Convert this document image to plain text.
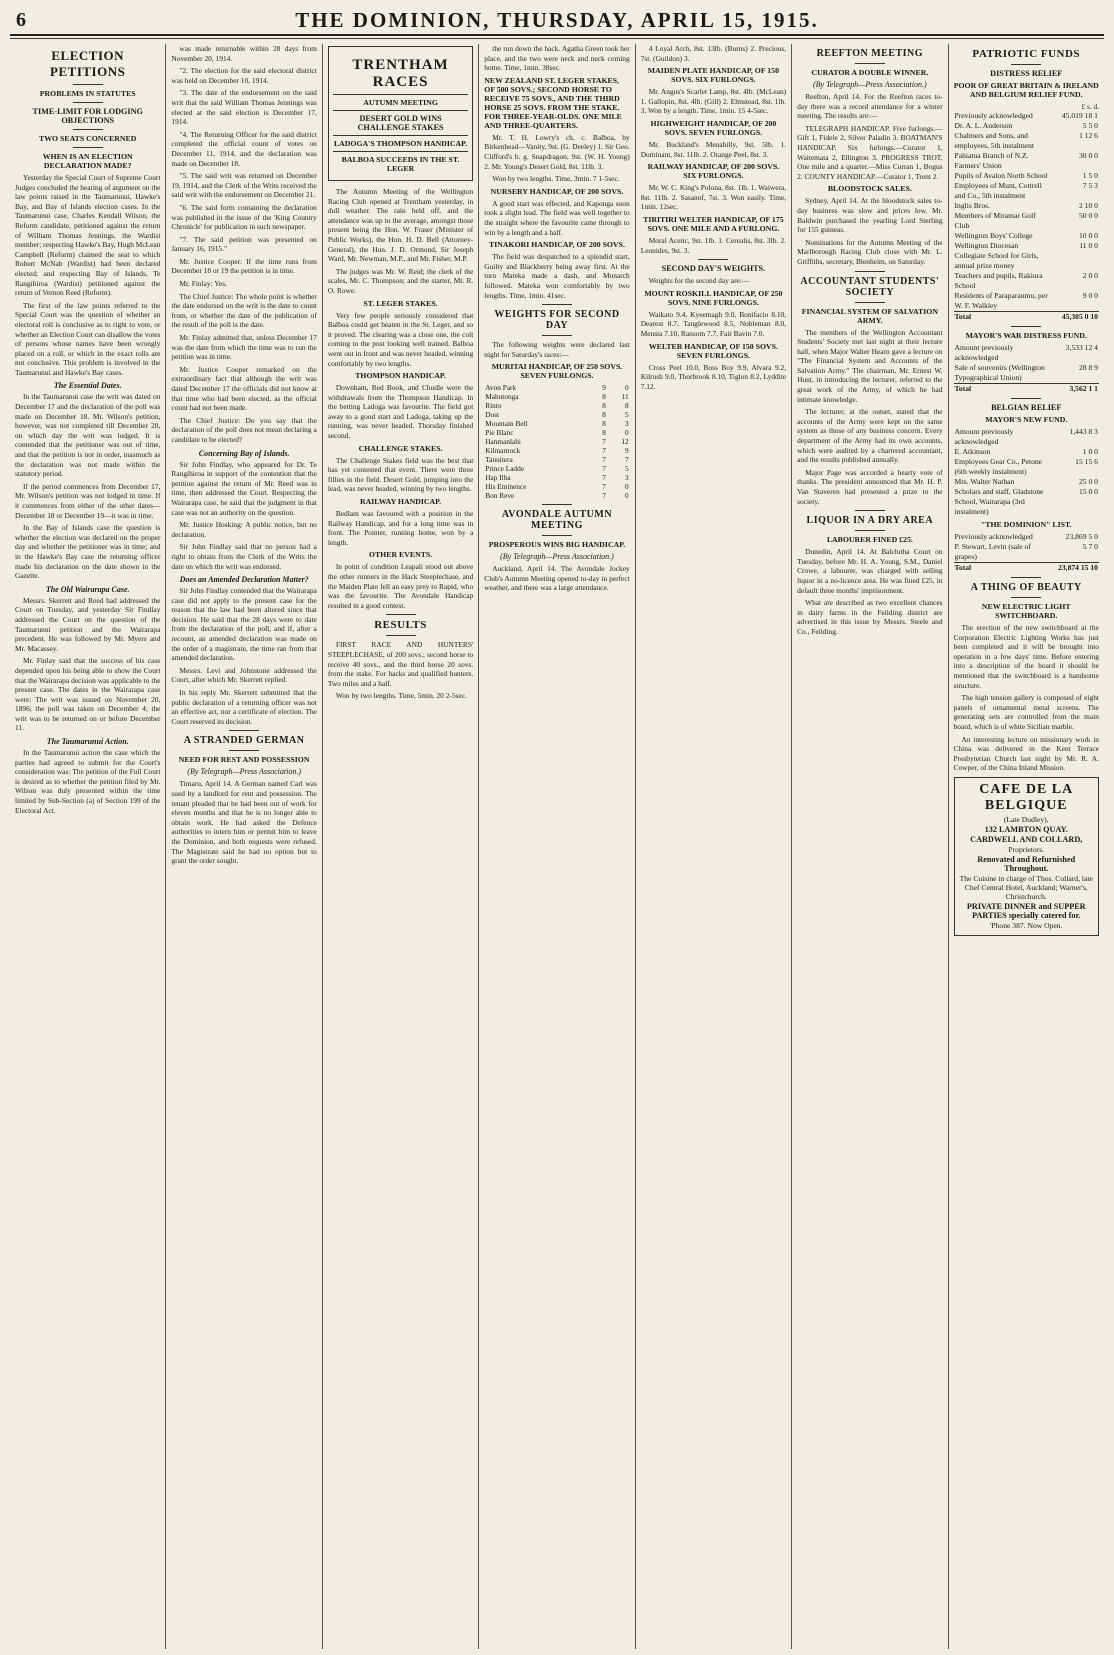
6	THE DOMINION, THURSDAY, APRIL 15, 1915.
ELECTION PETITIONS
PROBLEMS IN STATUTES
TIME-LIMIT FOR LODGING OBJECTIONS
TWO SEATS CONCERNED
WHEN IS AN ELECTION DECLARATION MADE?

Yesterday the Special Court of Supreme Court Judges concluded the hearing of argument on the law points raised in the Taumarunui, Hawke's Bay, and Bay of Islands election cases. In the Taumarunui case, Charles Kendall Wilson, the Reform candidate, petitioned against the return of William Thomas Jennings, the Wardist member; respecting Hawke's Bay, Hugh McLean Campbell (Reform) claimed the seat to which Robert McNab (Wardist) had been declared elected; and respecting Bay of Islands, Te Rangihiroa (Wardist) petitioned against the return of Vernon Reed (Reform).

The first of the law points referred to the Special Court was the question of whether an electoral roll is conclusive as to right to vote, or whether an Election Court can disallow the votes of persons whose names have been wrongly placed on a roll, or which in the exact rolls are not conclusive. This problem is involved in the Taumarunui and Hawke's Bay cases.

The Essential Dates.

In the Taumarunui case the writ was dated on December 17 and the declaration of the poll was made on December 18. Mr. Wilson's petition, however, was not completed till December 28, on which day the writ was lodged. It is contended that the petitioner was out of time, and that the petition is not in order, inasmuch as the declaration was not made within the statutory period.

If the period commences from December 17, Mr. Wilson's petition was not lodged in time. If it commences from either of the other dates—December 18 or December 19—it was in time.

In the Bay of Islands case the question is whether the election was declared on the proper day and whether the petitioner was in time; and in the Hawke's Bay case the returning officer made his declaration on the date shown in the Gazette.

The Old Wairarapa Case.

Messrs. Skerrett and Reed had addressed the Court on Tuesday, and yesterday Sir Findlay addressed the Court on the question of the Taumarunui petition and the Wairarapa precedent. He was followed by Mr. Myers and Mr. Macassey.

Mr. Finlay said that the success of his case depended upon his being able to show the Court that the Wairarapa decision was applicable to the present case. The dates in the Wairarapa case were: The writ was issued on November 20, 1896; the poll was taken on December 4; the writ was to be returned on or before December 11.

The Taumarunui Action.

In the Taumarunui action the case which the parties had agreed to submit for the Court's consideration was: The petition of the Full Court is desired as to whether the petition filed by Mr. Wilson was duly presented within the time limited by Sub-Section (a) of Section 199 of the Electoral Act.

was made returnable within 28 days from November 20, 1914.

"2. The election for the said electoral district was held on December 10, 1914.

"3. The date of the endorsement on the said writ that the said William Thomas Jennings was elected at the said election is December 17, 1914.

"4. The Returning Officer for the said district completed the official count of votes on December 11, 1914, and the declaration was made on December 18.

"5. The said writ was returned on December 19, 1914, and the Clerk of the Writs received the said writ with the endorsement on December 21.

"6. The said form containing the declaration was published in the issue of the 'King Country Chronicle' for publication in such newspaper.

"7. The said petition was presented on January 16, 1915."

Mr. Justice Cooper: If the time runs from December 18 or 19 the petition is in time.

Mr. Finlay: Yes.

The Chief Justice: The whole point is whether the date endorsed on the writ is the date to count from, or whether the date of the publication of the result of the poll is the date.

Mr. Finlay admitted that, unless December 17 was the date from which the time was to run the petition was in time.

Mr. Justice Cooper remarked on the extraordinary fact that although the writ was dated December 17 the officials did not know at that time who had been elected, as the official count had not been made.

The Chief Justice: Do you say that the declaration of the poll does not mean declaring a candidate to be elected?

Concerning Bay of Islands.

Sir John Findlay, who appeared for Dr. Te Rangihiroa in support of the contention that the petition against the return of Mr. Reed was in time, then addressed the Court. Respecting the Wairarapa case, he said that the judgment in that case was not an authority on the question.

Mr. Justice Hosking: A public notice, but no declaration.

Sir John Findlay said that no person had a right to obtain from the Clerk of the Writs the date on which the writ was endorsed.

Does an Amended Declaration Matter?

Sir John Findlay contended that the Wairarapa case did not apply to the present case for the reason that the law had been altered since that decision. He said that the 28 days were to date from the declaration of the poll, and if, after a recount, an amended declaration was made on the order of a magistrate, the time ran from that amended declaration.

Messrs. Levi and Johnstone addressed the Court, after which Mr. Skerrett replied.

In his reply Mr. Skerrett submitted that the public declaration of a returning officer was not an effective act, nor a certificate of election. The Court reserved its decision.

A STRANDED GERMAN
NEED FOR REST AND POSSESSION
(By Telegraph—Press Association.)

Timaru, April 14. A German named Carl was sued by a landlord for rent and possession. The tenant pleaded that he had been out of work for eleven months and that he is no longer able to obtain work. He had asked the Defence authorities to intern him or permit him to leave the Dominion, and both requests were refused. The Magistrate said he had no option but to grant the order sought.

TRENTHAM RACES
AUTUMN MEETING
DESERT GOLD WINS CHALLENGE STAKES
LADOGA'S THOMPSON HANDICAP.
BALBOA SUCCEEDS IN THE ST. LEGER

The Autumn Meeting of the Wellington Racing Club opened at Trentham yesterday, in dull weather. The rain held off, and the attendance was up to the average, amongst those present being the Hon. W. Fraser (Minister of Public Works), the Hon. H. D. Bell (Attorney-General), the Hon. J. D. Ormond, Sir Joseph Ward, Mr. Newman, M.P., and Mr. Fisher, M.P.

The judges was Mr. W. Reid; the clerk of the scales, Mr. C. Thompson; and the starter, Mr. R. O. Rowe.

ST. LEGER STAKES.

Very few people seriously considered that Balboa could get beaten in the St. Leger, and so it proved. The clearing was a close one, the colt coming to the post looking well trained. Balboa went out in front and was never headed, winning comfortably by two lengths.

THOMPSON HANDICAP.

Downham, Red Book, and Chudle were the withdrawals from the Thompson Handicap. In the betting Ladoga was favourite. The field got away to a good start and Ladoga, taking up the running, was never headed. Thorsday finished second.

CHALLENGE STAKES.

The Challenge Stakes field was the best that has yet contested that event. There were three fillies in the field. Desert Gold, jumping into the lead, was never headed, winning by two lengths.

RAILWAY HANDICAP.

Bedlam was favoured with a position in the Railway Handicap, and for a long time was in front. The Pointer, running home, won by a length.

OTHER EVENTS.

In point of condition Leapali stood out above the other runners in the Hack Steeplechase, and the Maiden Plate fell an easy prey to Rapid, who was the favourite. The Avondale Handicap resulted in a good contest.

RESULTS

FIRST RACE AND HUNTERS' STEEPLECHASE, of 200 sovs.; second horse to receive 40 sovs., and the third horse 20 sovs. from the stake. For hacks and qualified hunters. Two miles and a half.

Won by two lengths. Time, 5min. 20 2-5sec.

the run down the back. Agatha Green took her place, and the two were neck and neck coming home. Time, 1min. 38sec.

NEW ZEALAND ST. LEGER STAKES, OF 500 SOVS.; SECOND HORSE TO RECEIVE 75 SOVS., AND THE THIRD HORSE 25 SOVS. FROM THE STAKE. FOR THREE-YEAR-OLDS. ONE MILE AND THREE-QUARTERS.

Mr. T. H. Lowry's ch. c. Balboa, by Birkenhead—Vanity, 9st. (G. Deeley) 1. Sir Geo. Clifford's b. g. Snapdragon, 9st. (W. H. Young) 2. Mr. Young's Desert Gold, 8st. 11lb. 3.

Won by two lengths. Time, 3min. 7 1-5sec.

NURSERY HANDICAP, OF 200 SOVS.

A good start was effected, and Kaponga soon took a slight lead. The field was well together to the straight where the favourite came through to win by a length and a half.

TINAKORI HANDICAP, OF 200 SOVS.

The field was despatched to a splendid start, Guilty and Blackberry being away first. At the turn Mateka made a dash, and Monarch followed. Mateka won comfortably by two lengths. Time, 1min. 41sec.

WEIGHTS FOR SECOND DAY

The following weights were declared last night for Saturday's races:—

MURITAI HANDICAP, OF 250 SOVS. SEVEN FURLONGS.
Avon Park	9	0
Mahutonga	8	11
Rinto	8	8
Dost	8	5
Mountain Bell	8	3
Pie Blanc	8	0
Hanmanlahi	7	12
Kilmarnock	7	9
Tanuitera	7	7
Prince Ladde	7	5
Hap Ilba	7	3
His Eminence	7	0
Bon Reve	7	0
AVONDALE AUTUMN MEETING
PROSPEROUS WINS BIG HANDICAP.
(By Telegraph—Press Association.)

Auckland, April 14. The Avondale Jockey Club's Autumn Meeting opened to-day in perfect weather, and there was a large attendance.

4 Loyal Arch, 8st. 13lb. (Burns) 2. Precious, 7st. (Guildon) 3.

MAIDEN PLATE HANDICAP, OF 150 SOVS. SIX FURLONGS.

Mr. Angus's Scarlet Lamp, 8st. 4lb. (McLean) 1. Gallopin, 8st. 4lb. (Gill) 2. Elmstead, 8st. 1lb. 3. Won by a length. Time, 1min. 15 4-5sec.

HIGHWEIGHT HANDICAP, OF 200 SOVS. SEVEN FURLONGS.

Mr. Buckland's Menabilly, 9st. 5lb. 1. Dominant, 8st. 11lb. 2. Orange Peel, 8st. 3.

RAILWAY HANDICAP, OF 200 SOVS. SIX FURLONGS.

Mr. W. C. King's Polona, 8st. 1lb. 1. Waiwera, 8st. 11lb. 2. Sasanof, 7st. 3. Won easily. Time, 1min. 12sec.

TIRITIRI WELTER HANDICAP, OF 175 SOVS. ONE MILE AND A FURLONG.

Moral Acetic, 9st. 1lb. 1. Cerealis, 8st. 3lb. 2. Leonides, 9st. 3.

SECOND DAY'S WEIGHTS.

Weights for the second day are:—

MOUNT ROSKILL HANDICAP, OF 250 SOVS. NINE FURLONGS.

Waikato 9.4, Kyeemagh 9.0, Bonifacio 8.10, Dearest 8.7, Tanglewood 8.5, Nobleman 8.0, Mensta 7.10, Ransom 7.7, Fair Bavin 7.0.

WELTER HANDICAP, OF 150 SOVS. SEVEN FURLONGS.

Cross Peel 10.0, Boss Boy 9.9, Alvara 9.2, Kilrush 9.0, Thorbrook 8.10, Tiglon 8.2, Lyddite 7.12.

REEFTON MEETING
CURATOR A DOUBLE WINNER.
(By Telegraph—Press Association.)

Reefton, April 14. For the Reefton races to-day there was a record attendance for a winter meeting. The results are:—

TELEGRAPH HANDICAP. Five furlongs.—Gift 1, Fidele 2, Silver Paladin 3. BOATMAN'S HANDICAP. Six furlongs.—Curator 1, Waitemata 2, Ellington 3. PROGRESS TROT. One mile and a quarter.—Miss Curran 1, Bogus 2. COUNTY HANDICAP.—Curator 1, Trent 2.

BLOODSTOCK SALES.

Sydney, April 14. At the bloodstock sales to-day business was slow and prices low. Mr. Baldwin purchased the yearling Lord Sterling for 155 guineas.

Nominations for the Autumn Meeting of the Marlborough Racing Club close with Mr. L. Griffiths, secretary, Blenheim, on Saturday.

ACCOUNTANT STUDENTS' SOCIETY
FINANCIAL SYSTEM OF SALVATION ARMY.

The members of the Wellington Accountant Students' Society met last night at their lecture hall, when Major Walter Hearn gave a lecture on "The Financial System and Accounts of the Salvation Army." The chairman, Mr. Ernest W. Hunt, in introducing the lecturer, referred to the great work of the Army, of which he had intimate knowledge.

The lecturer, at the outset, stated that the accounts of the Army were kept on the same system as those of any business concern. Every department of the Army had its own accounts, which were audited by a chartered accountant, and the results published annually.

Major Page was accorded a hearty vote of thanks. The president announced that Mr. H. P. Van Staveren had presented a prize to the society.

LIQUOR IN A DRY AREA
LABOURER FINED £25.

Dunedin, April 14. At Balclutha Court on Tuesday, before Mr. H. A. Young, S.M., Daniel Crowe, a labourer, was charged with selling liquor in a no-licence area. He was fined £25, in default three months' imprisonment.

What are described as two excellent chances in dairy farms in the Feilding district are advertised in this issue by Messrs. Steele and Co., Feilding.

PATRIOTIC FUNDS
DISTRESS RELIEF
POOR OF GREAT BRITAIN & IRELAND AND BELGIUM RELIEF FUND.
£ s. d.
Previously acknowledged	45,019 18 1
Dr. A. L. Anderson	5 5 0
Chalmers and Sons, and employees, 5th instalment	1 12 6
Pahiatua Branch of N.Z. Farmers' Union	30 0 0
Pupils of Avalon North School	1 5 0
Employees of Munt, Cottrell and Co., 5th instalment	7 5 3
Inglis Bros.	2 10 0
Members of Miramar Golf Club	50 0 0
Wellington Boys' College	10 0 0
Wellington Diocesan Collegiate School for Girls, annual prize money	11 0 0
Teachers and pupils, Rakiura School	2 0 0
Residents of Paraparaumu, per W. F. Walkley	9 0 0
Total	45,305 0 10
MAYOR'S WAR DISTRESS FUND.
Amount previously acknowledged	3,533 12 4
Sale of souvenirs (Wellington Typographical Union)	28 8 9
Total	3,562 1 1
BELGIAN RELIEF
MAYOR'S NEW FUND.
Amount previously acknowledged	1,443 8 3
E. Atkinson	1 0 0
Employees Gear Co., Petone (6th weekly instalment)	15 15 6
Mrs. Walter Nathan	25 0 0
Scholars and staff, Gladstone School, Wairarapa (3rd instalment)	15 0 0
"THE DOMINION" LIST.
Previously acknowledged	23,869 5 0
P. Stewart, Levin (sale of grapes)	5 7 0
Total	23,874 15 10
A THING OF BEAUTY
NEW ELECTRIC LIGHT SWITCHBOARD.

The erection of the new switchboard at the Corporation Electric Lighting Works has just been completed and it will be brought into operation in a few days' time. Before entering into a description of the board it should be mentioned that the switchboard is a handsome structure.

The high tension gallery is composed of eight panels of ornamental metal screens. The generating sets are controlled from the main board, which is of white Sicilian marble.

An interesting lecture on missionary work in China was delivered in the Kent Terrace Presbyterian Church last night by Mr. R. A. Cowper, of the China Inland Mission.

CAFE DE LA BELGIQUE
(Late Dudley),
132 LAMBTON QUAY.
CARDWELL AND COLLARD,
Proprietors.
Renovated and Refurnished Throughout.
The Cuisine in charge of Thos. Collard, late Chef Central Hotel, Auckland; Warner's, Christchurch.
PRIVATE DINNER and SUPPER PARTIES specially catered for.
'Phone 387. Now Open.
